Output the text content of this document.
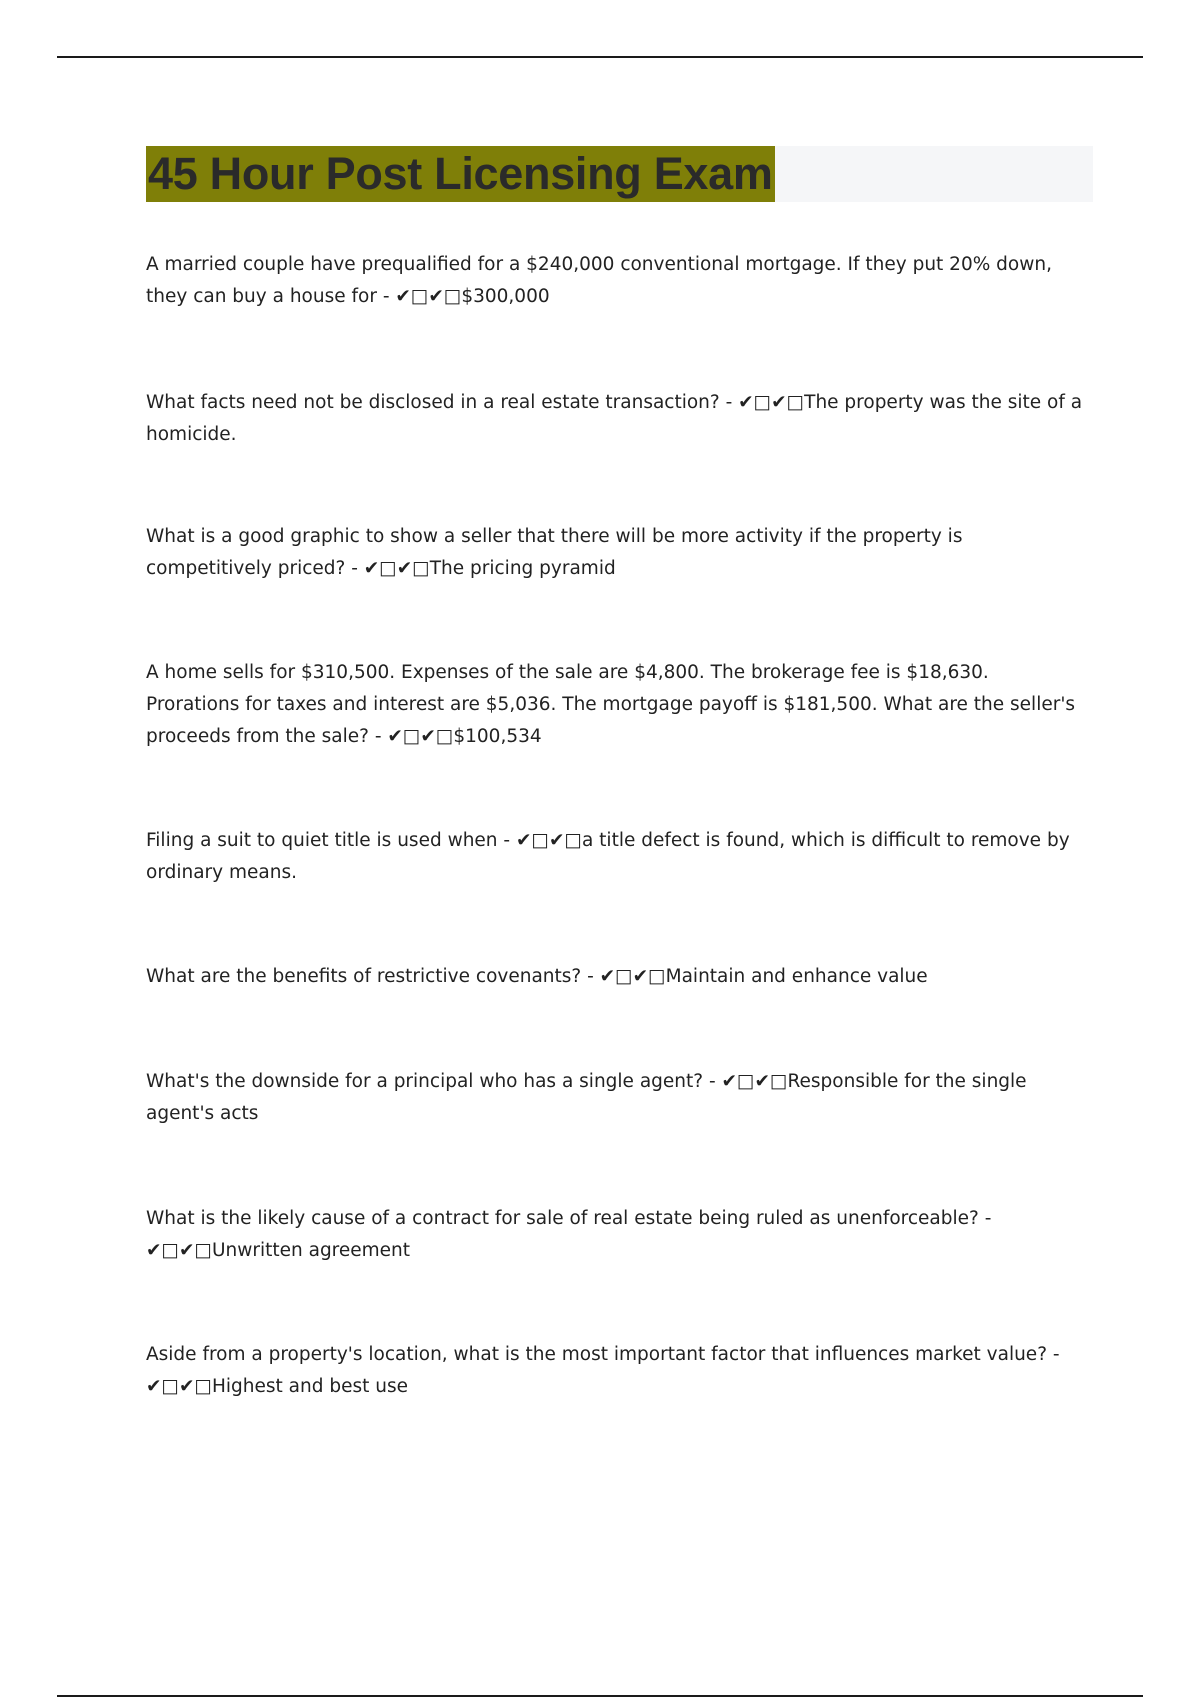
45 Hour Post Licensing Exam

A married couple have prequalified for a $240,000 conventional mortgage. If they put 20% down, they can buy a house for - ✔□✔□$300,000

What facts need not be disclosed in a real estate transaction? - ✔□✔□The property was the site of a homicide.

What is a good graphic to show a seller that there will be more activity if the property is competitively priced? - ✔□✔□The pricing pyramid

A home sells for $310,500. Expenses of the sale are $4,800. The brokerage fee is $18,630. Prorations for taxes and interest are $5,036. The mortgage payoff is $181,500. What are the seller's proceeds from the sale? - ✔□✔□$100,534

Filing a suit to quiet title is used when - ✔□✔□a title defect is found, which is difficult to remove by ordinary means.

What are the benefits of restrictive covenants? - ✔□✔□Maintain and enhance value

What's the downside for a principal who has a single agent? - ✔□✔□Responsible for the single agent's acts

What is the likely cause of a contract for sale of real estate being ruled as unenforceable? - ✔□✔□Unwritten agreement

Aside from a property's location, what is the most important factor that influences market value? - ✔□✔□Highest and best use
